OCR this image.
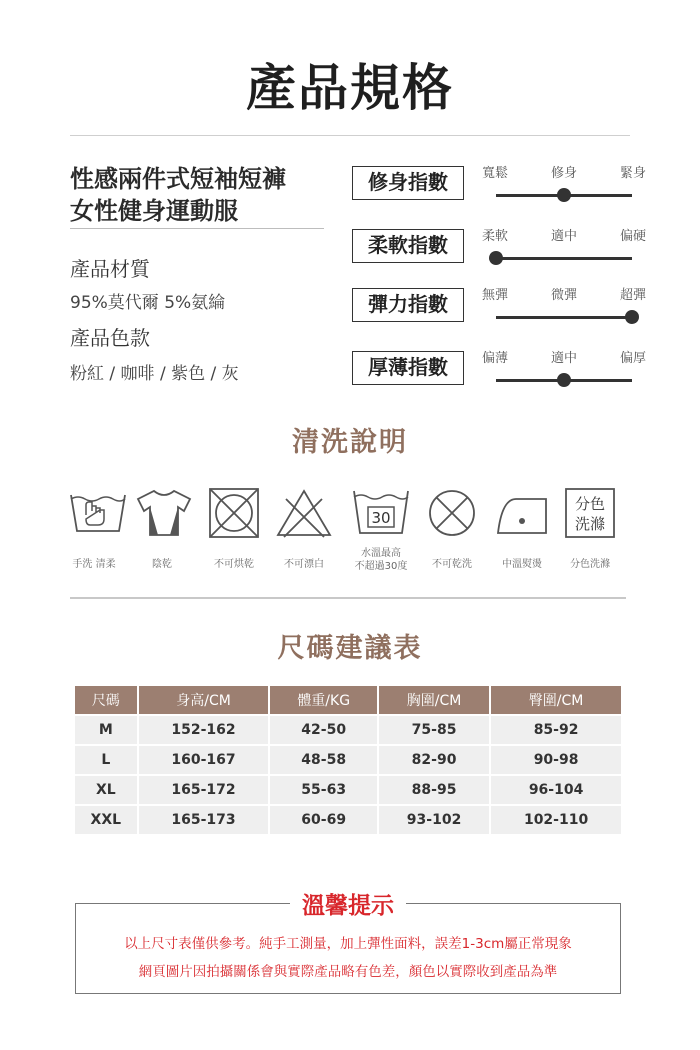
產品規格
性感兩件式短袖短褲
女性健身運動服
產品材質
95%莫代爾 5%氨綸
產品色款
粉紅 / 咖啡 / 紫色 / 灰
修身指數	寬鬆	修身	緊身
柔軟指數	柔軟	適中	偏硬
彈力指數	無彈	微彈	超彈
厚薄指數	偏薄	適中	偏厚
清洗說明
30
分色
洗滌
手洗 清柔	陰乾	不可烘乾	不可漂白
水溫最高
不超過30度 不可乾洗	中溫熨燙	分色洗滌
尺碼建議表
尺碼	身高/CM	體重/KG	胸圍/CM	臀圍/CM
M	152-162	42-50	75-85	85-92
L	160-167	48-58	82-90	90-98
XL	165-172	55-63	88-95	96-104
XXL	165-173	60-69	93-102	102-110
溫馨提示
以上尺寸表僅供參考。純手工測量，加上彈性面料，誤差1-3cm屬正常現象
網頁圖片因拍攝關係會與實際產品略有色差，顏色以實際收到產品為準
